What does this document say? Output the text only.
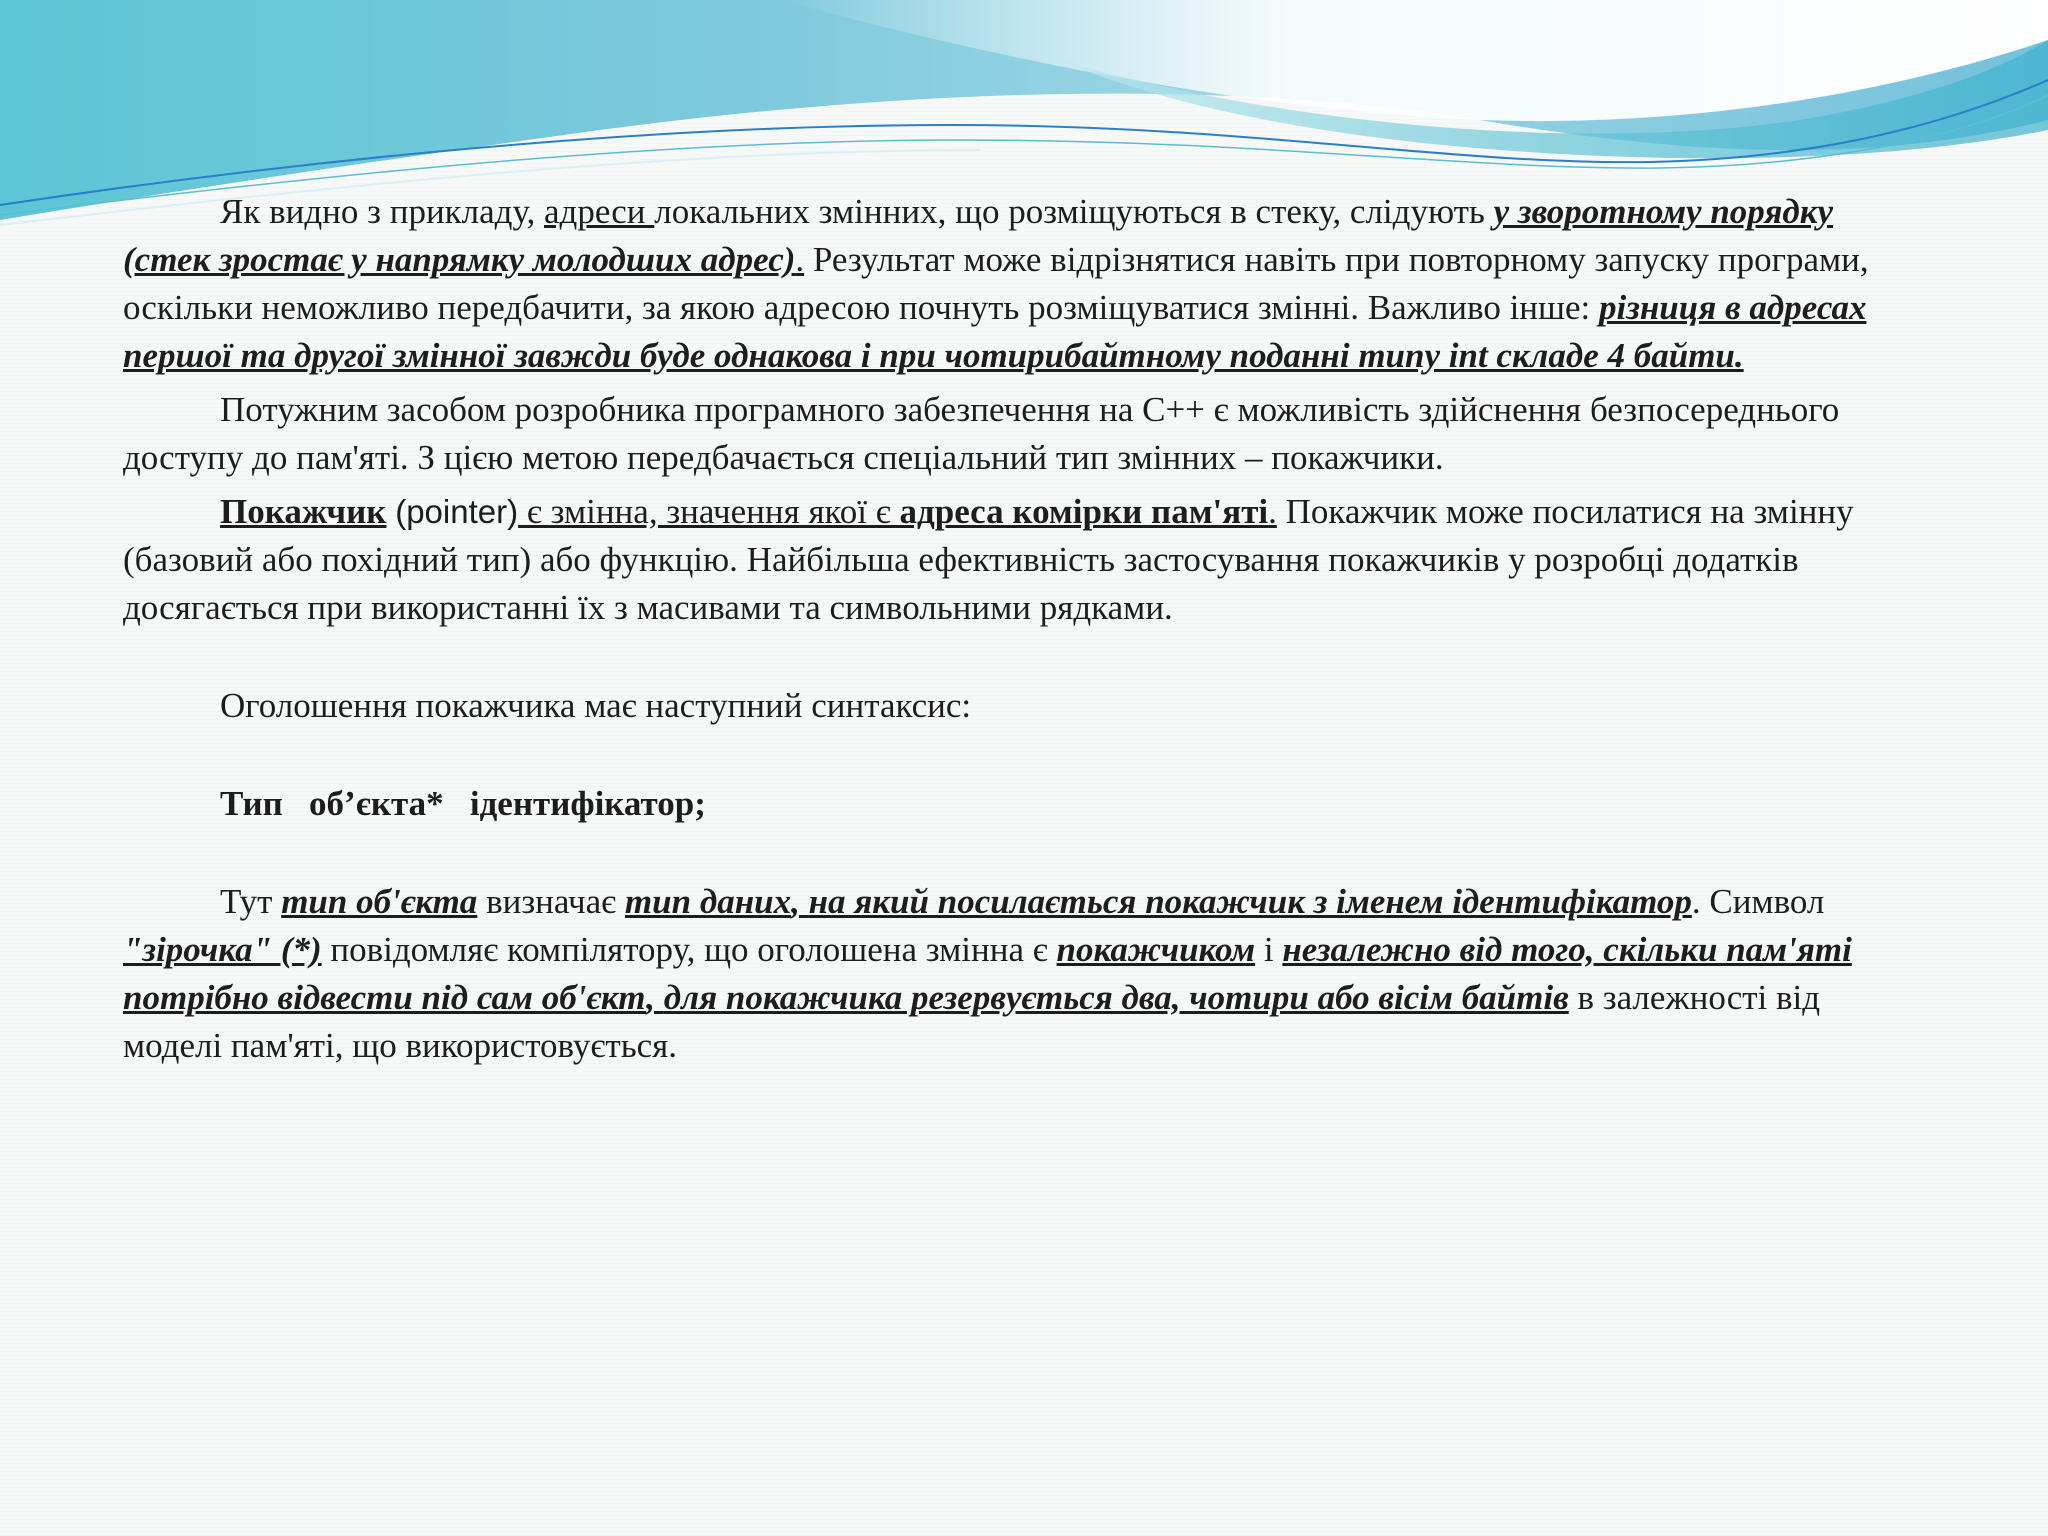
Як видно з прикладу, адреси локальних змінних, що розміщуються в стеку, слідують у зворотному порядку (стек зростає у напрямку молодших адрес). Результат може відрізнятися навіть при повторному запуску програми, оскільки неможливо передбачити, за якою адресою почнуть розміщуватися змінні. Важливо інше: різниця в адресах першої та другої змінної завжди буде однакова і при чотирибайтному поданні типу int складе 4 байти.

Потужним засобом розробника програмного забезпечення на C++ є можливість здійснення безпосереднього доступу до пам'яті. З цією метою передбачається спеціальний тип змінних – покажчики.

Покажчик (pointer) є змінна, значення якої є адреса комірки пам'яті. Покажчик може посилатися на змінну (базовий або похідний тип) або функцію. Найбільша ефективність застосування покажчиків у розробці додатків досягається при використанні їх з масивами та символьними рядками.

Оголошення покажчика має наступний синтаксис:

Тип   об’єкта*   ідентифікатор;

Тут тип об'єкта визначає тип даних, на який посилається покажчик з іменем ідентифікатор. Символ "зірочка" (*) повідомляє компілятору, що оголошена змінна є покажчиком і незалежно від того, скільки пам'яті потрібно відвести під сам об'єкт, для покажчика резервується два, чотири або вісім байтів в залежності від моделі пам'яті, що використовується.
